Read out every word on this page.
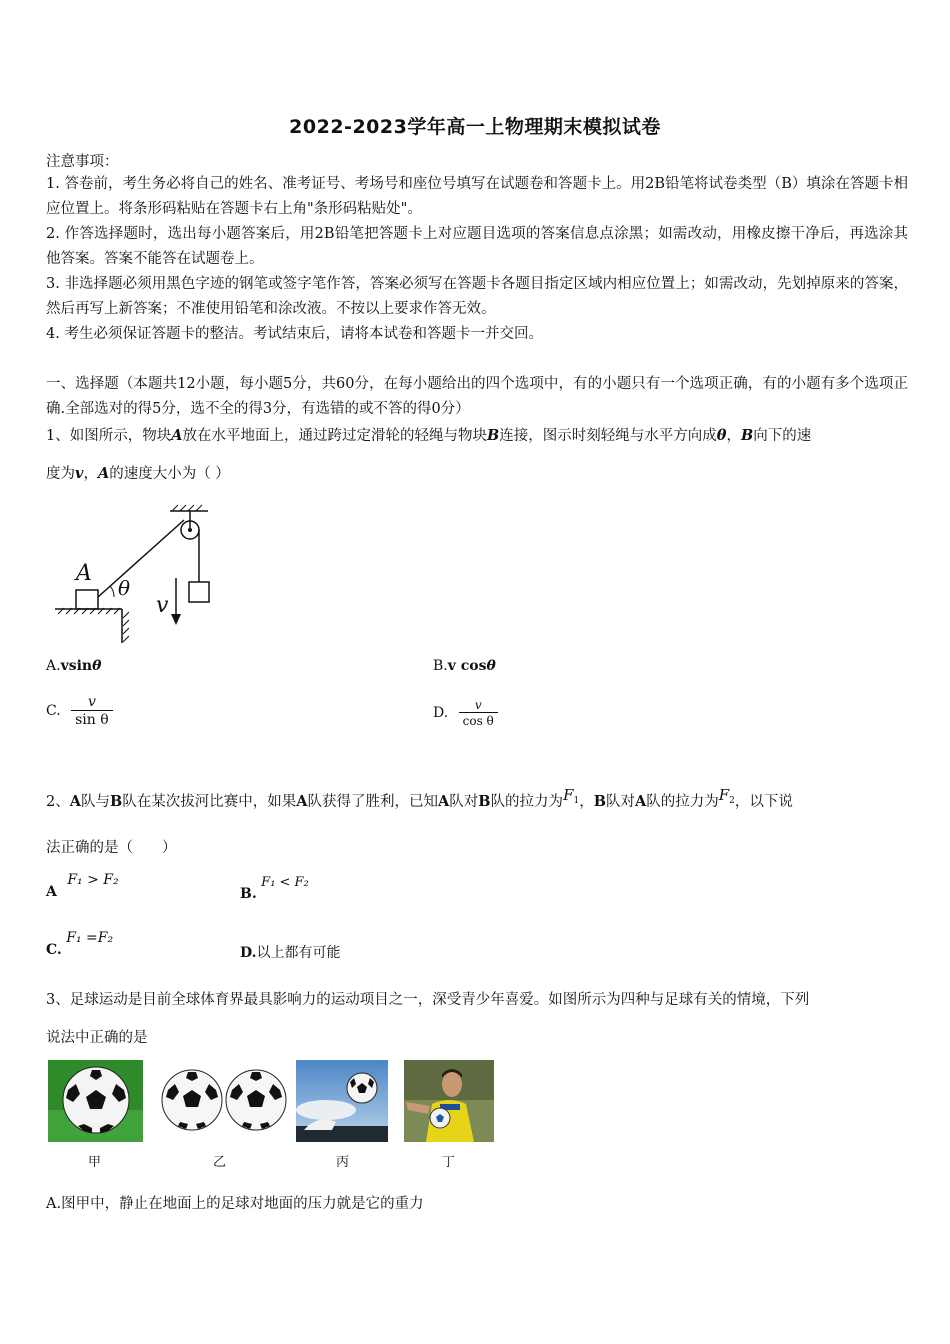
2022-2023学年高一上物理期末模拟试卷
注意事项：
1. 答卷前，考生务必将自己的姓名、准考证号、考场号和座位号填写在试题卷和答题卡上。用2B铅笔将试卷类型（B）填涂在答题卡相应位置上。将条形码粘贴在答题卡右上角"条形码粘贴处"。
2. 作答选择题时，选出每小题答案后，用2B铅笔把答题卡上对应题目选项的答案信息点涂黑；如需改动，用橡皮擦干净后，再选涂其他答案。答案不能答在试题卷上。
3. 非选择题必须用黑色字迹的钢笔或签字笔作答，答案必须写在答题卡各题目指定区域内相应位置上；如需改动，先划掉原来的答案，然后再写上新答案；不准使用铅笔和涂改液。不按以上要求作答无效。
4. 考生必须保证答题卡的整洁。考试结束后，请将本试卷和答题卡一并交回。
一、选择题（本题共12小题，每小题5分，共60分，在每小题给出的四个选项中，有的小题只有一个选项正确，有的小题有多个选项正确.全部选对的得5分，选不全的得3分，有选错的或不答的得0分）
1、如图所示，物块A放在水平地面上，通过跨过定滑轮的轻绳与物块B连接，图示时刻轻绳与水平方向成θ，B向下的速
度为v，A的速度大小为（ ）
A
θ
v
A.vsinθ	B.v cosθ
C. $\frac{v}{\text{sin θ}}$	D. $\frac{v}{\text{cos θ}}$
2、A队与B队在某次拔河比赛中，如果A队获得了胜利，已知A队对B队的拉力为$F_1$，B队对A队的拉力为$F_2$，以下说
法正确的是（　　）
A F₁ > F₂
B. F₁ < F₂
C. F₁ =F₂
D.以上都有可能
3、足球运动是目前全球体育界最具影响力的运动项目之一，深受青少年喜爱。如图所示为四种与足球有关的情境，下列
说法中正确的是
甲	乙	丙	丁
A.图甲中，静止在地面上的足球对地面的压力就是它的重力
